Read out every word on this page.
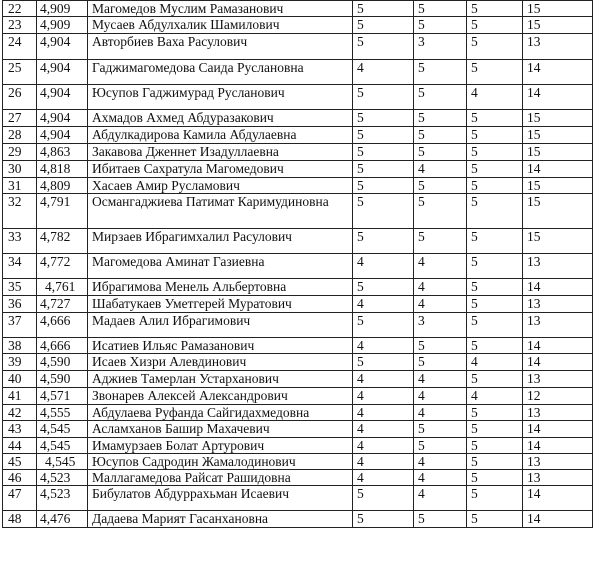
22	4,909	Магомедов Муслим Рамазанович	5	5	5	15
23	4,909	Мусаев Абдулхалик Шамилович	5	5	5	15
24	4,904	Авторбиев Ваха Расулович	5	3	5	13
25	4,904	Гаджимагомедова Саида Руслановна	4	5	5	14
26	4,904	Юсупов Гаджимурад Русланович	5	5	4	14
27	4,904	Ахмадов Ахмед Абдуразакович	5	5	5	15
28	4,904	Абдулкадирова Камила Абдулаевна	5	5	5	15
29	4,863	Закавова Дженнет Изадуллаевна	5	5	5	15
30	4,818	Ибитаев Сахратула Магомедович	5	4	5	14
31	4,809	Хасаев Амир Русламович	5	5	5	15
32	4,791	Османгаджиева Патимат Каримудиновна	5	5	5	15
33	4,782	Мирзаев Ибрагимхалил Расулович	5	5	5	15
34	4,772	Магомедова Аминат Газиевна	4	4	5	13
35	4,761	Ибрагимова Менель Альбертовна	5	4	5	14
36	4,727	Шабатукаев Уметгерей Муратович	4	4	5	13
37	4,666	Мадаев Алил Ибрагимович	5	3	5	13
38	4,666	Исатиев Ильяс Рамазанович	4	5	5	14
39	4,590	Исаев Хизри Алевдинович	5	5	4	14
40	4,590	Аджиев Тамерлан Устарханович	4	4	5	13
41	4,571	Звонарев Алексей Александрович	4	4	4	12
42	4,555	Абдулаева Руфанда Сайгидахмедовна	4	4	5	13
43	4,545	Асламханов Башир Махачевич	4	5	5	14
44	4,545	Имамурзаев Болат Артурович	4	5	5	14
45	4,545	Юсупов Садродин Жамалодинович	4	4	5	13
46	4,523	Маллагамедова Райсат Рашидовна	4	4	5	13
47	4,523	Бибулатов Абдуррахьман Исаевич	5	4	5	14
48	4,476	Дадаева Марият Гасанхановна	5	5	5	14
